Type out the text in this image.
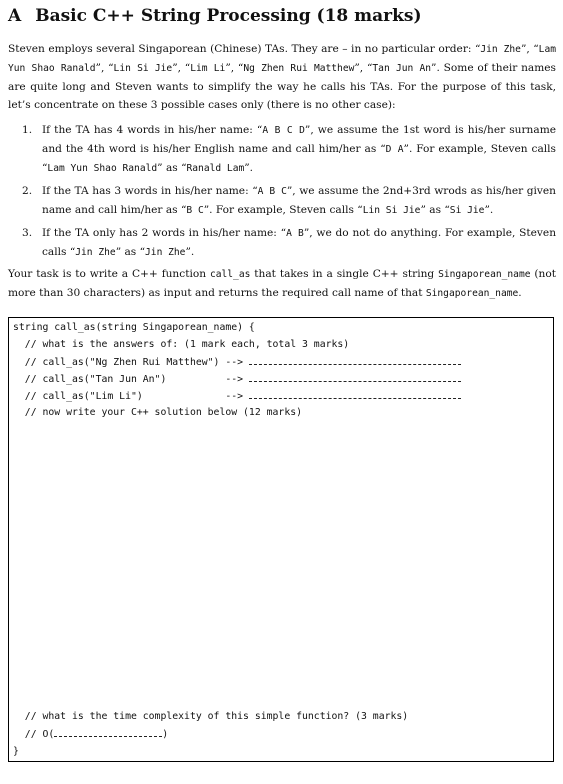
A Basic C++ String Processing (18 marks)
Steven employs several Singaporean (Chinese) TAs. They are – in no particular order: “Jin Zhe”, “Lam Yun Shao Ranald”, “Lin Si Jie”, “Lim Li”, “Ng Zhen Rui Matthew”, “Tan Jun An”. Some of their names are quite long and Steven wants to simplify the way he calls his TAs. For the purpose of this task, let’s concentrate on these 3 possible cases only (there is no other case):
1. If the TA has 4 words in his/her name: “A B C D”, we assume the 1st word is his/her surname and the 4th word is his/her English name and call him/her as “D A”. For example, Steven calls “Lam Yun Shao Ranald” as “Ranald Lam”.
2. If the TA has 3 words in his/her name: “A B C”, we assume the 2nd+3rd wrods as his/her given name and call him/her as “B C”. For example, Steven calls “Lin Si Jie” as “Si Jie”.
3. If the TA only has 2 words in his/her name: “A B”, we do not do anything. For example, Steven calls “Jin Zhe” as “Jin Zhe”.
Your task is to write a C++ function call_as that takes in a single C++ string Singaporean_name (not more than 30 characters) as input and returns the required call name of that Singaporean_name.
string call_as(string Singaporean_name) {
// what is the answers of: (1 mark each, total 3 marks)
// call_as("Ng Zhen Rui Matthew") -->
// call_as("Tan Jun An")          -->
// call_as("Lim Li")              -->
// now write your C++ solution below (12 marks)
// what is the time complexity of this simple function? (3 marks)
// O(	)
}
